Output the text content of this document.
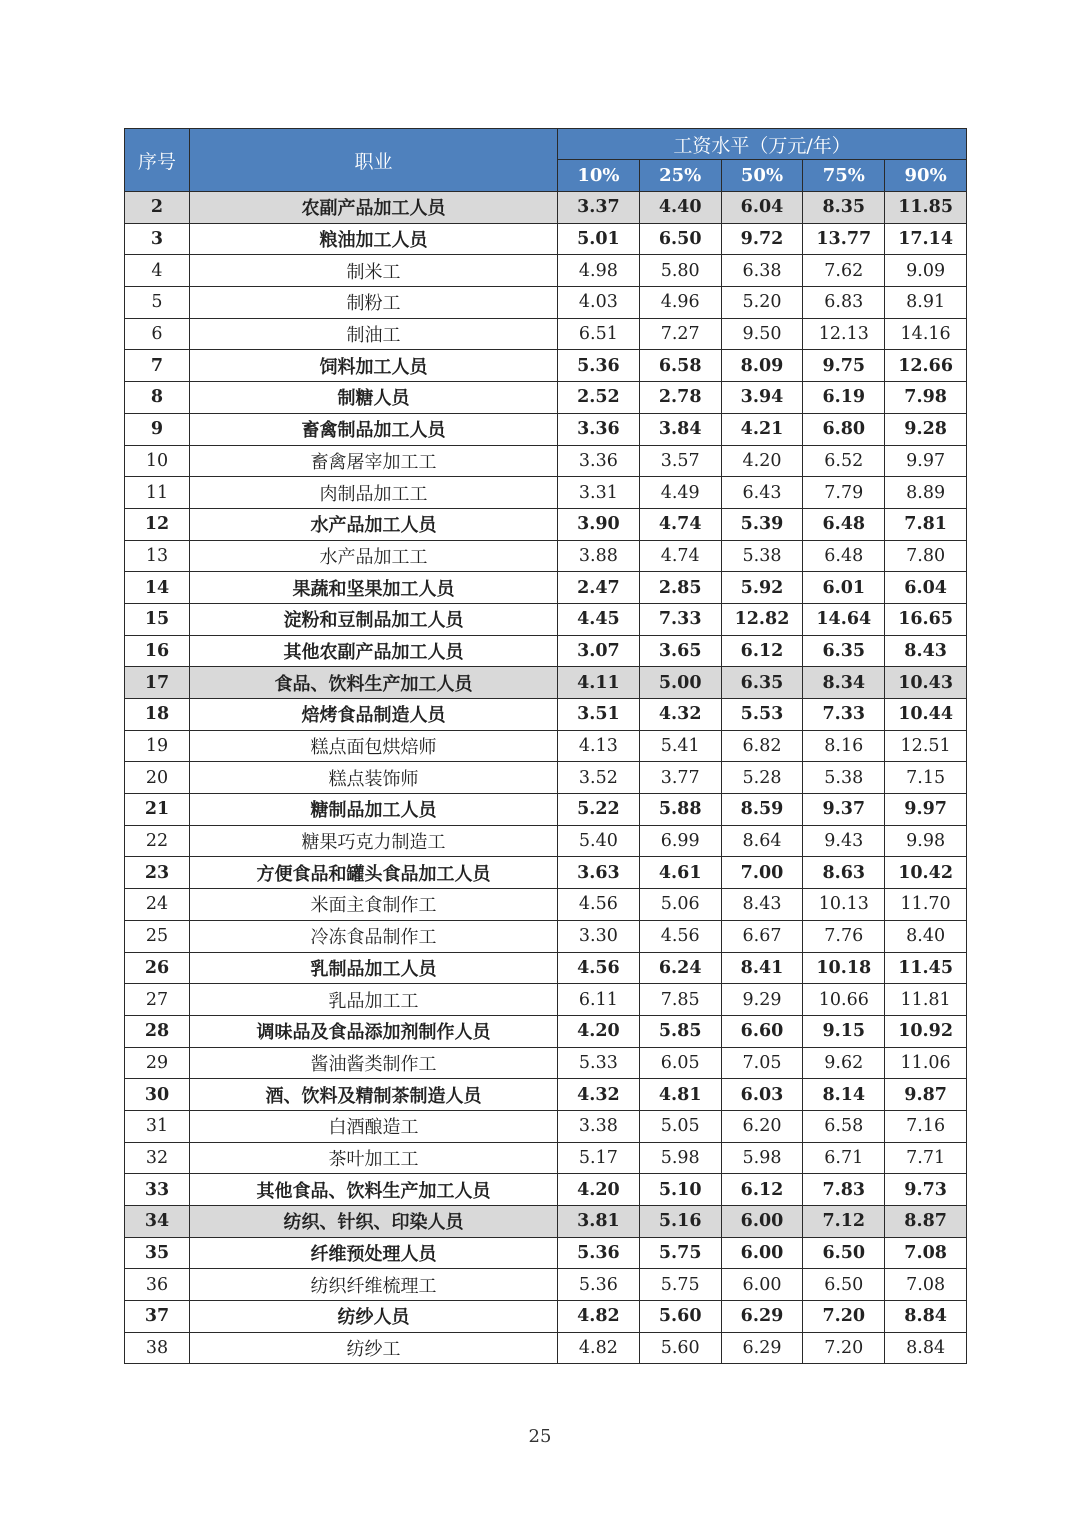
序号	职业	工资水平（万元/年）				
		10%	25%	50%	75%	90%
2	农副产品加工人员	3.37	4.40	6.04	8.35	11.85
3	粮油加工人员	5.01	6.50	9.72	13.77	17.14
4	制米工	4.98	5.80	6.38	7.62	9.09
5	制粉工	4.03	4.96	5.20	6.83	8.91
6	制油工	6.51	7.27	9.50	12.13	14.16
7	饲料加工人员	5.36	6.58	8.09	9.75	12.66
8	制糖人员	2.52	2.78	3.94	6.19	7.98
9	畜禽制品加工人员	3.36	3.84	4.21	6.80	9.28
10	畜禽屠宰加工工	3.36	3.57	4.20	6.52	9.97
11	肉制品加工工	3.31	4.49	6.43	7.79	8.89
12	水产品加工人员	3.90	4.74	5.39	6.48	7.81
13	水产品加工工	3.88	4.74	5.38	6.48	7.80
14	果蔬和坚果加工人员	2.47	2.85	5.92	6.01	6.04
15	淀粉和豆制品加工人员	4.45	7.33	12.82	14.64	16.65
16	其他农副产品加工人员	3.07	3.65	6.12	6.35	8.43
17	食品、饮料生产加工人员	4.11	5.00	6.35	8.34	10.43
18	焙烤食品制造人员	3.51	4.32	5.53	7.33	10.44
19	糕点面包烘焙师	4.13	5.41	6.82	8.16	12.51
20	糕点装饰师	3.52	3.77	5.28	5.38	7.15
21	糖制品加工人员	5.22	5.88	8.59	9.37	9.97
22	糖果巧克力制造工	5.40	6.99	8.64	9.43	9.98
23	方便食品和罐头食品加工人员	3.63	4.61	7.00	8.63	10.42
24	米面主食制作工	4.56	5.06	8.43	10.13	11.70
25	冷冻食品制作工	3.30	4.56	6.67	7.76	8.40
26	乳制品加工人员	4.56	6.24	8.41	10.18	11.45
27	乳品加工工	6.11	7.85	9.29	10.66	11.81
28	调味品及食品添加剂制作人员	4.20	5.85	6.60	9.15	10.92
29	酱油酱类制作工	5.33	6.05	7.05	9.62	11.06
30	酒、饮料及精制茶制造人员	4.32	4.81	6.03	8.14	9.87
31	白酒酿造工	3.38	5.05	6.20	6.58	7.16
32	茶叶加工工	5.17	5.98	5.98	6.71	7.71
33	其他食品、饮料生产加工人员	4.20	5.10	6.12	7.83	9.73
34	纺织、针织、印染人员	3.81	5.16	6.00	7.12	8.87
35	纤维预处理人员	5.36	5.75	6.00	6.50	7.08
36	纺织纤维梳理工	5.36	5.75	6.00	6.50	7.08
37	纺纱人员	4.82	5.60	6.29	7.20	8.84
38	纺纱工	4.82	5.60	6.29	7.20	8.84
25
